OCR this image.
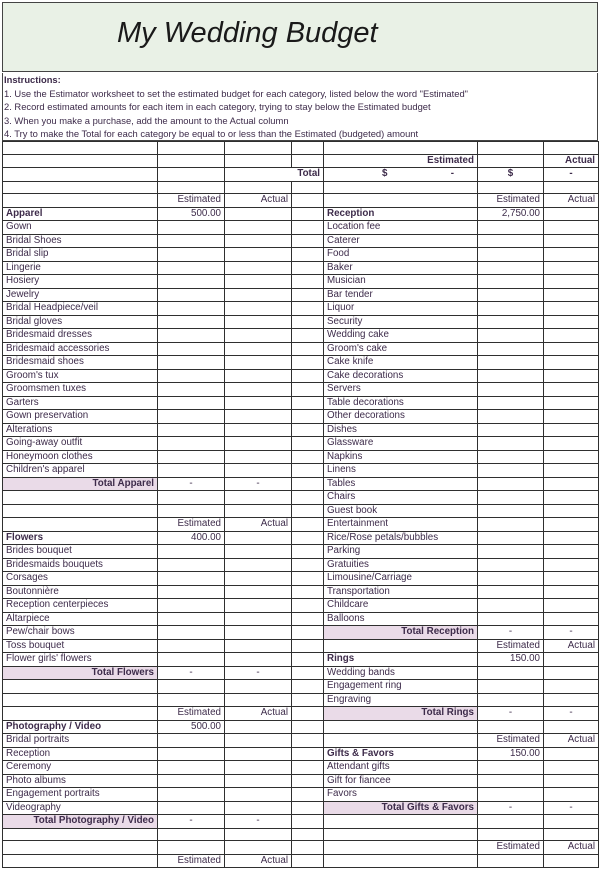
My Wedding Budget
Instructions:
1. Use the Estimator worksheet to set the estimated budget for each category, listed below the word "Estimated"
2. Record estimated amounts for each item in each category, trying to stay below the Estimated budget
3. When you make a purchase, add the amount to the Actual column
4. Try to make the Total for each category be equal to or less than the Estimated (budgeted) amount

				Estimated		Actual
		Total		$ -	$	-

	Estimated	Actual			Estimated	Actual
Apparel	500.00			Reception	2,750.00	
Gown				Location fee		
Bridal Shoes				Caterer		
Bridal slip				Food		
Lingerie				Baker		
Hosiery				Musician		
Jewelry				Bar tender		
Bridal Headpiece/veil				Liquor		
Bridal gloves				Security		
Bridesmaid dresses				Wedding cake		
Bridesmaid accessories				Groom's cake		
Bridesmaid shoes				Cake knife		
Groom's tux				Cake decorations		
Groomsmen tuxes				Servers		
Garters				Table decorations		
Gown preservation				Other decorations		
Alterations				Dishes		
Going-away outfit				Glassware		
Honeymoon clothes				Napkins		
Children's apparel				Linens		
Total Apparel	-	-		Tables		
				Chairs		
				Guest book		
	Estimated	Actual		Entertainment		
Flowers	400.00			Rice/Rose petals/bubbles		
Brides bouquet				Parking		
Bridesmaids bouquets				Gratuities		
Corsages				Limousine/Carriage		
Boutonnière				Transportation		
Reception centerpieces				Childcare		
Altarpiece				Balloons		
Pew/chair bows				Total Reception	-	-
Toss bouquet					Estimated	Actual
Flower girls' flowers				Rings	150.00	
Total Flowers	-	-		Wedding bands		
				Engagement ring		
				Engraving		
	Estimated	Actual		Total Rings	-	-
Photography / Video	500.00					
Bridal portraits					Estimated	Actual
Reception				Gifts & Favors	150.00	
Ceremony				Attendant gifts		
Photo albums				Gift for fiancee		
Engagement portraits				Favors		
Videography				Total Gifts & Favors	-	-
Total Photography / Video	-	-				

					Estimated	Actual
	Estimated	Actual				
